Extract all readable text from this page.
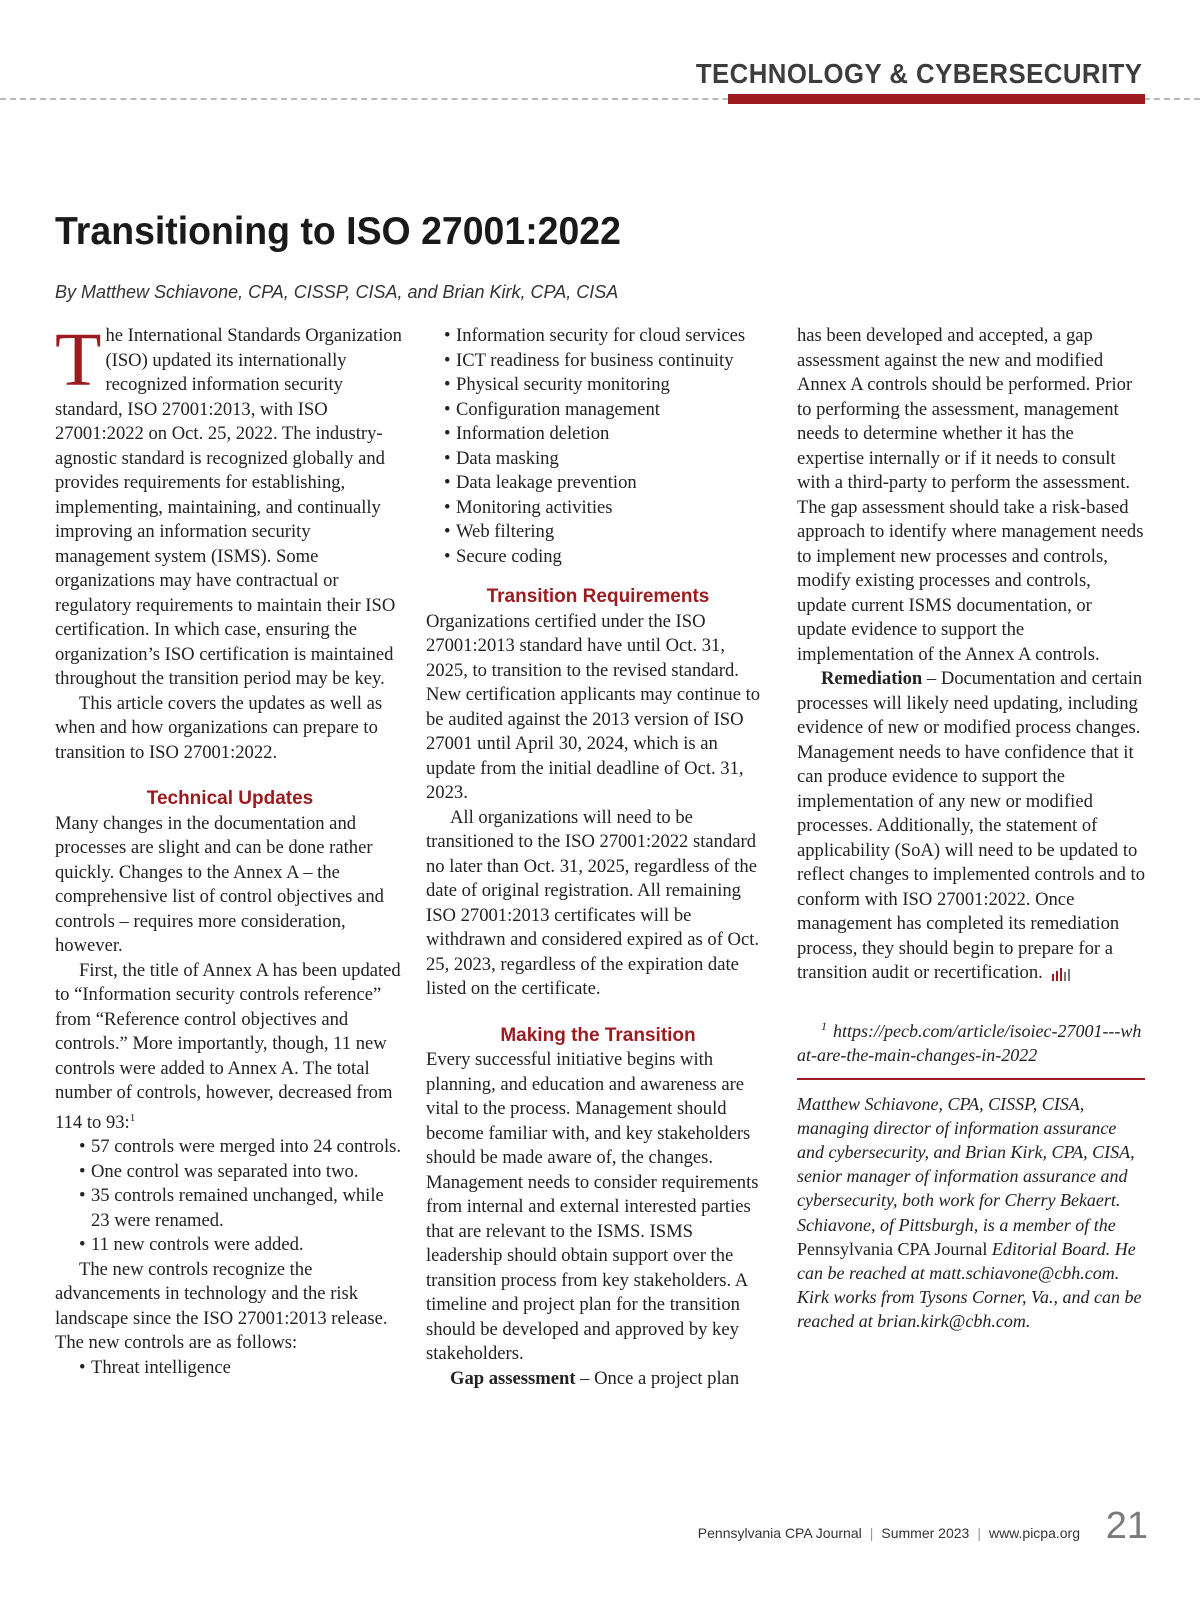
TECHNOLOGY & CYBERSECURITY
Transitioning to ISO 27001:2022
By Matthew Schiavone, CPA, CISSP, CISA, and Brian Kirk, CPA, CISA

The International Standards Organization (ISO) updated its internationally recognized information security standard, ISO 27001:2013, with ISO 27001:2022 on Oct. 25, 2022. The industry-agnostic standard is recognized globally and provides requirements for establishing, implementing, maintaining, and continually improving an information security management system (ISMS). Some organizations may have contractual or regulatory requirements to maintain their ISO certification. In which case, ensuring the organization’s ISO certification is maintained throughout the transition period may be key.

This article covers the updates as well as when and how organizations can prepare to transition to ISO 27001:2022.

Technical Updates

Many changes in the documentation and processes are slight and can be done rather quickly. Changes to the Annex A – the comprehensive list of control objectives and controls – requires more consideration, however.

First, the title of Annex A has been updated to “Information security controls reference” from “Reference control objectives and controls.” More importantly, though, 11 new controls were added to Annex A. The total number of controls, however, decreased from 114 to 93:$^1$

• 57 controls were merged into 24 controls.
• One control was separated into two.
• 35 controls remained unchanged, while 23 were renamed.
• 11 new controls were added.

The new controls recognize the advancements in technology and the risk landscape since the ISO 27001:2013 release. The new controls are as follows:

• Threat intelligence
• Information security for cloud services
• ICT readiness for business continuity
• Physical security monitoring
• Configuration management
• Information deletion
• Data masking
• Data leakage prevention
• Monitoring activities
• Web filtering
• Secure coding
Transition Requirements

Organizations certified under the ISO 27001:2013 standard have until Oct. 31, 2025, to transition to the revised standard. New certification applicants may continue to be audited against the 2013 version of ISO 27001 until April 30, 2024, which is an update from the initial deadline of Oct. 31, 2023.

All organizations will need to be transitioned to the ISO 27001:2022 standard no later than Oct. 31, 2025, regardless of the date of original registration. All remaining ISO 27001:2013 certificates will be withdrawn and considered expired as of Oct. 25, 2023, regardless of the expiration date listed on the certificate.

Making the Transition

Every successful initiative begins with planning, and education and awareness are vital to the process. Management should become familiar with, and key stakeholders should be made aware of, the changes. Management needs to consider requirements from internal and external interested parties that are relevant to the ISMS. ISMS leadership should obtain support over the transition process from key stakeholders. A timeline and project plan for the transition should be developed and approved by key stakeholders.

Gap assessment – Once a project plan

has been developed and accepted, a gap assessment against the new and modified Annex A controls should be performed. Prior to performing the assessment, management needs to determine whether it has the expertise internally or if it needs to consult with a third-party to perform the assessment. The gap assessment should take a risk-based approach to identify where management needs to implement new processes and controls, modify existing processes and controls, update current ISMS documentation, or update evidence to support the implementation of the Annex A controls.

Remediation – Documentation and certain processes will likely need updating, including evidence of new or modified process changes. Management needs to have confidence that it can produce evidence to support the implementation of any new or modified processes. Additionally, the statement of applicability (SoA) will need to be updated to reflect changes to implemented controls and to conform with ISO 27001:2022. Once management has completed its remediation process, they should begin to prepare for a transition audit or recertification.

$^1$ https://pecb.com/article/isoiec-27001---what-are-the-main-changes-in-2022

Matthew Schiavone, CPA, CISSP, CISA, managing director of information assurance and cybersecurity, and Brian Kirk, CPA, CISA, senior manager of information assurance and cybersecurity, both work for Cherry Bekaert. Schiavone, of Pittsburgh, is a member of the Pennsylvania CPA Journal Editorial Board. He can be reached at matt.schiavone@cbh.com. Kirk works from Tysons Corner, Va., and can be reached at brian.kirk@cbh.com.

Pennsylvania CPA Journal | Summer 2023 | www.picpa.org 21
